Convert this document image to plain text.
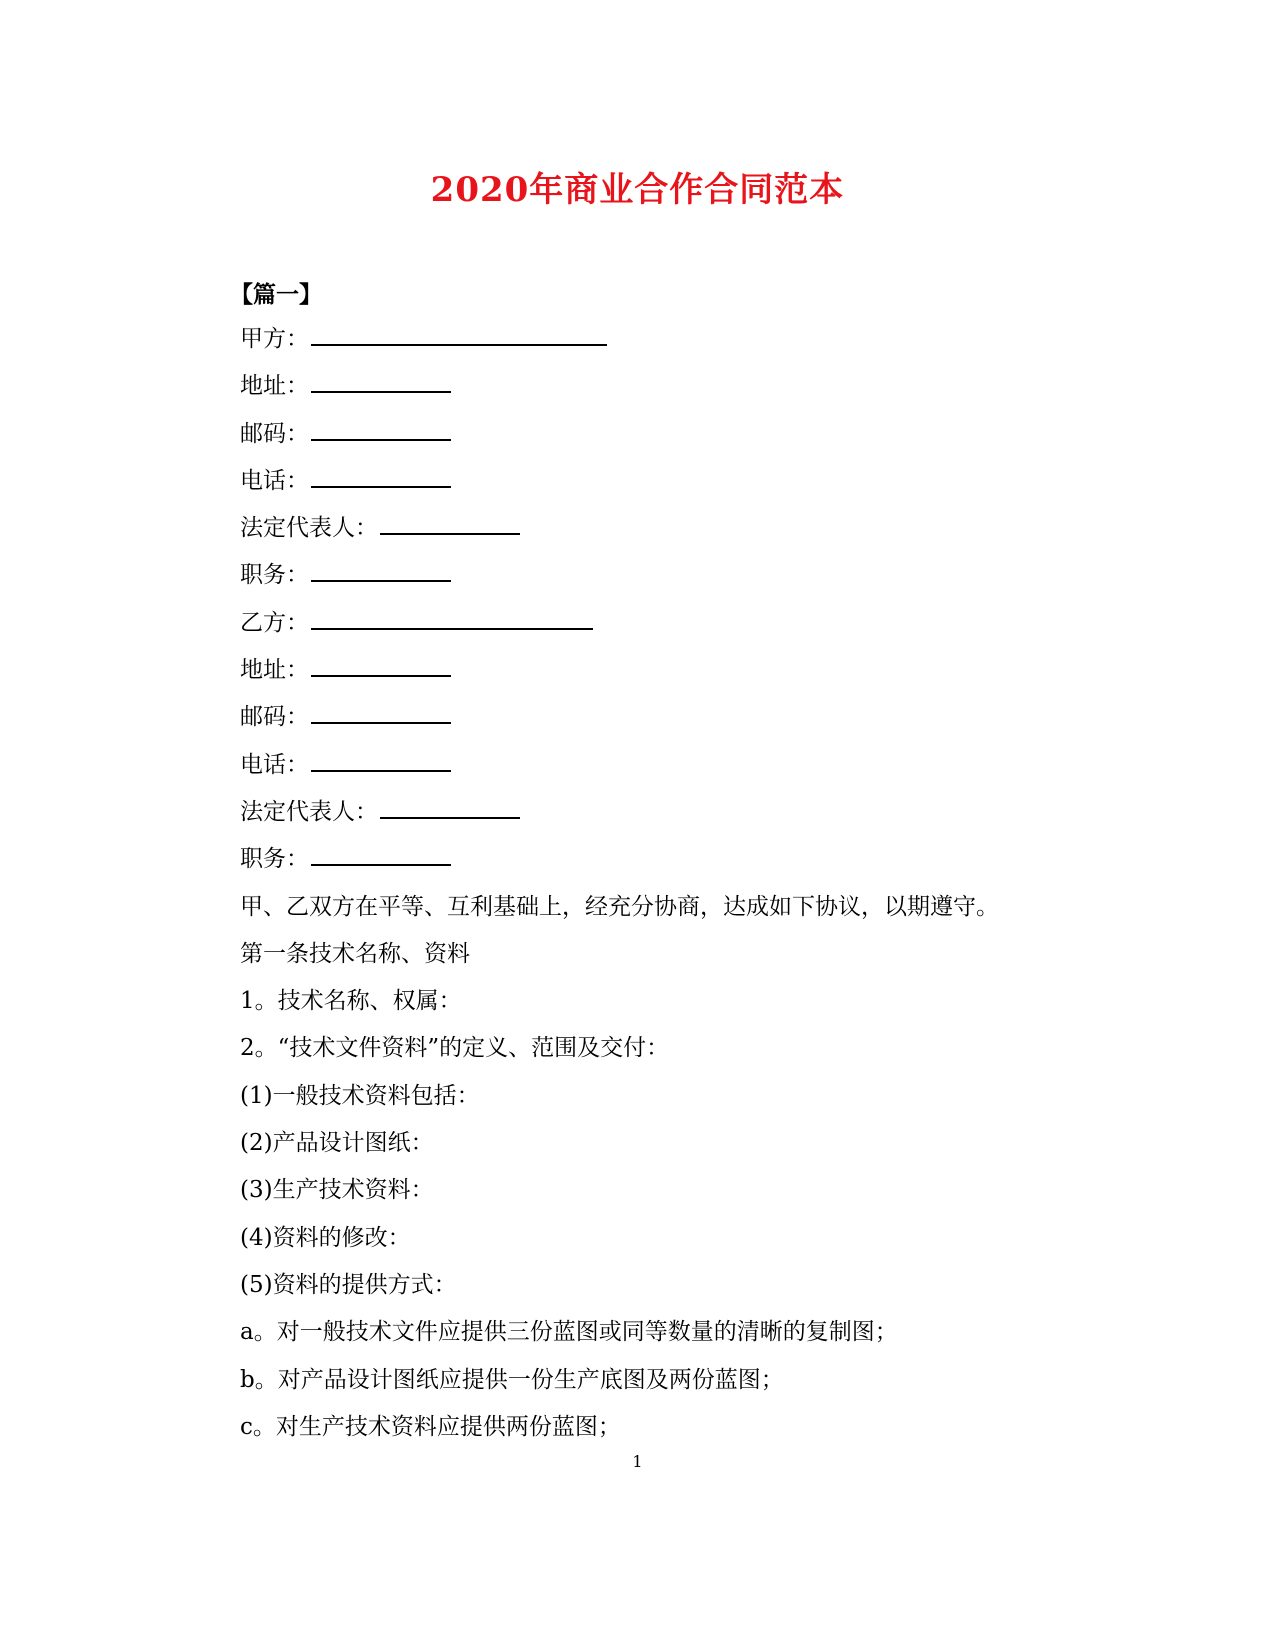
2020年商业合作合同范本
【篇一】
甲方：
地址：
邮码：
电话：
法定代表人：
职务：
乙方：
地址：
邮码：
电话：
法定代表人：
职务：
甲、乙双方在平等、互利基础上，经充分协商，达成如下协议，以期遵守。
第一条技术名称、资料
1。技术名称、权属：
2。“技术文件资料”的定义、范围及交付：
(1)一般技术资料包括：
(2)产品设计图纸：
(3)生产技术资料：
(4)资料的修改：
(5)资料的提供方式：
a。对一般技术文件应提供三份蓝图或同等数量的清晰的复制图；
b。对产品设计图纸应提供一份生产底图及两份蓝图；
c。对生产技术资料应提供两份蓝图；
1
